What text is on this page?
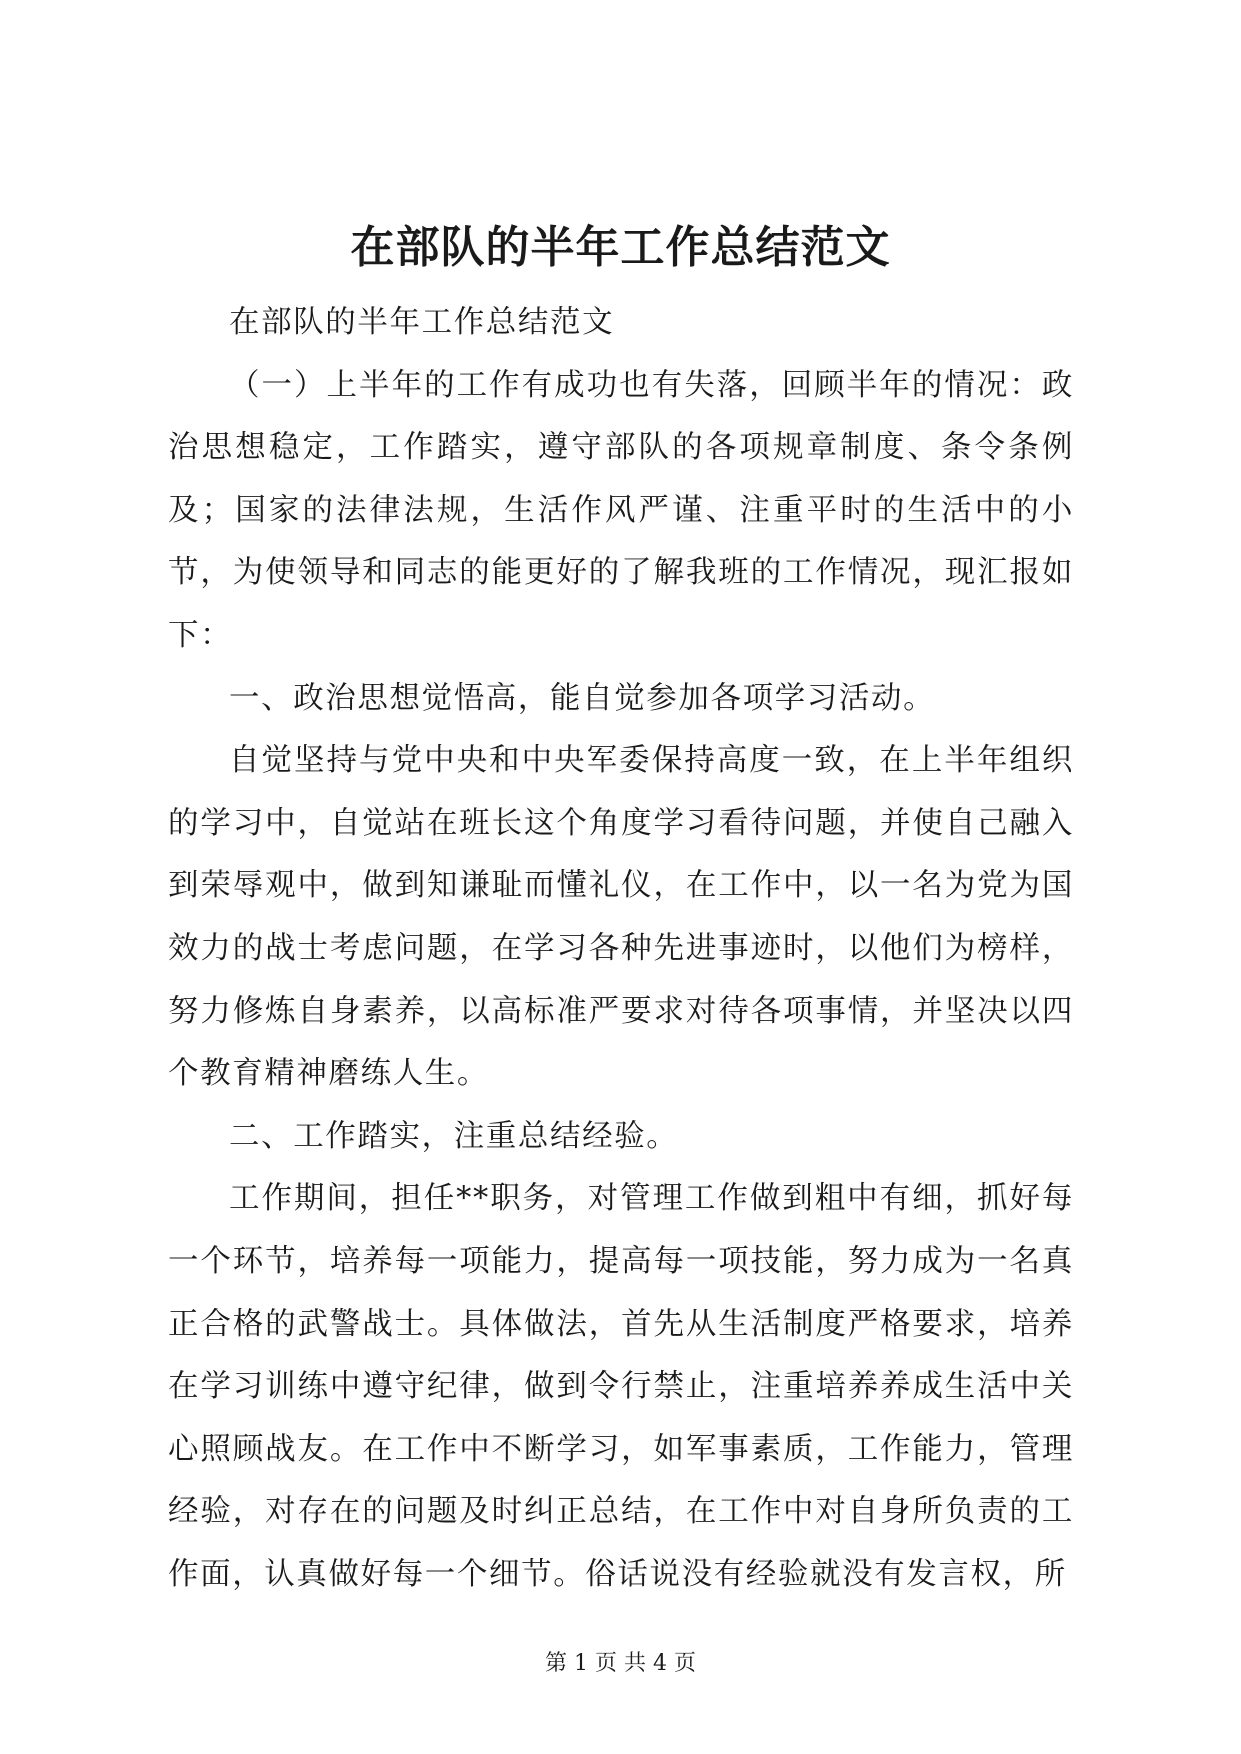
在部队的半年工作总结范文

在部队的半年工作总结范文

（一）上半年的工作有成功也有失落，回顾半年的情况：政治思想稳定，工作踏实，遵守部队的各项规章制度、条令条例及；国家的法律法规，生活作风严谨、注重平时的生活中的小节，为使领导和同志的能更好的了解我班的工作情况，现汇报如下：

一、政治思想觉悟高，能自觉参加各项学习活动。

自觉坚持与党中央和中央军委保持高度一致，在上半年组织的学习中，自觉站在班长这个角度学习看待问题，并使自己融入到荣辱观中，做到知谦耻而懂礼仪，在工作中，以一名为党为国效力的战士考虑问题，在学习各种先进事迹时，以他们为榜样，努力修炼自身素养，以高标准严要求对待各项事情，并坚决以四个教育精神磨练人生。

二、工作踏实，注重总结经验。

工作期间，担任**职务，对管理工作做到粗中有细，抓好每一个环节，培养每一项能力，提高每一项技能，努力成为一名真正合格的武警战士。具体做法，首先从生活制度严格要求，培养在学习训练中遵守纪律，做到令行禁止，注重培养养成生活中关心照顾战友。在工作中不断学习，如军事素质，工作能力，管理经验，对存在的问题及时纠正总结，在工作中对自身所负责的工作面，认真做好每一个细节。俗话说没有经验就没有发言权，所

第 1 页 共 4 页
